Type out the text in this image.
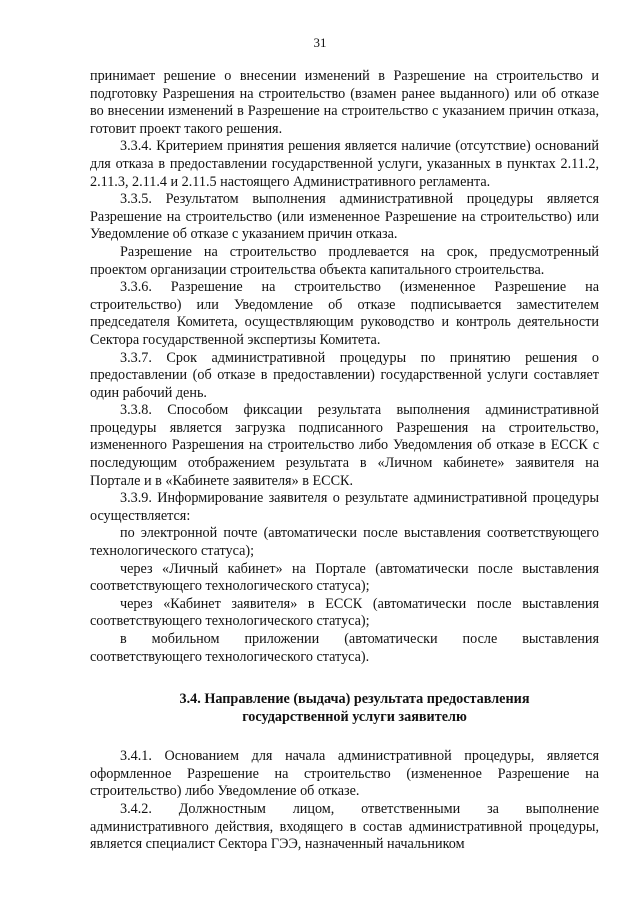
31

принимает решение о внесении изменений в Разрешение на строительство и подготовку Разрешения на строительство (взамен ранее выданного) или об отказе во внесении изменений в Разрешение на строительство с указанием причин отказа, готовит проект такого решения.

3.3.4. Критерием принятия решения является наличие (отсутствие) оснований для отказа в предоставлении государственной услуги, указанных в пунктах 2.11.2, 2.11.3, 2.11.4 и 2.11.5 настоящего Административного регламента.

3.3.5. Результатом выполнения административной процедуры является Разрешение на строительство (или измененное Разрешение на строительство) или Уведомление об отказе с указанием причин отказа.

Разрешение на строительство продлевается на срок, предусмотренный проектом организации строительства объекта капитального строительства.

3.3.6. Разрешение на строительство (измененное Разрешение на строительство) или Уведомление об отказе подписывается заместителем председателя Комитета, осуществляющим руководство и контроль деятельности Сектора государственной экспертизы Комитета.

3.3.7. Срок административной процедуры по принятию решения о предоставлении (об отказе в предоставлении) государственной услуги составляет один рабочий день.

3.3.8. Способом фиксации результата выполнения административной процедуры является загрузка подписанного Разрешения на строительство, измененного Разрешения на строительство либо Уведомления об отказе в ЕССК с последующим отображением результата в «Личном кабинете» заявителя на Портале и в «Кабинете заявителя» в ЕССК.

3.3.9. Информирование заявителя о результате административной процедуры осуществляется:

по электронной почте (автоматически после выставления соответствующего технологического статуса);

через «Личный кабинет» на Портале (автоматически после выставления соответствующего технологического статуса);

через «Кабинет заявителя» в ЕССК (автоматически после выставления соответствующего технологического статуса);

в мобильном приложении (автоматически после выставления соответствующего технологического статуса).

3.4. Направление (выдача) результата предоставления

государственной услуги заявителю

3.4.1. Основанием для начала административной процедуры, является оформленное Разрешение на строительство (измененное Разрешение на строительство) либо Уведомление об отказе.

3.4.2. Должностным лицом, ответственными за выполнение административного действия, входящего в состав административной процедуры, является специалист Сектора ГЭЭ, назначенный начальником
